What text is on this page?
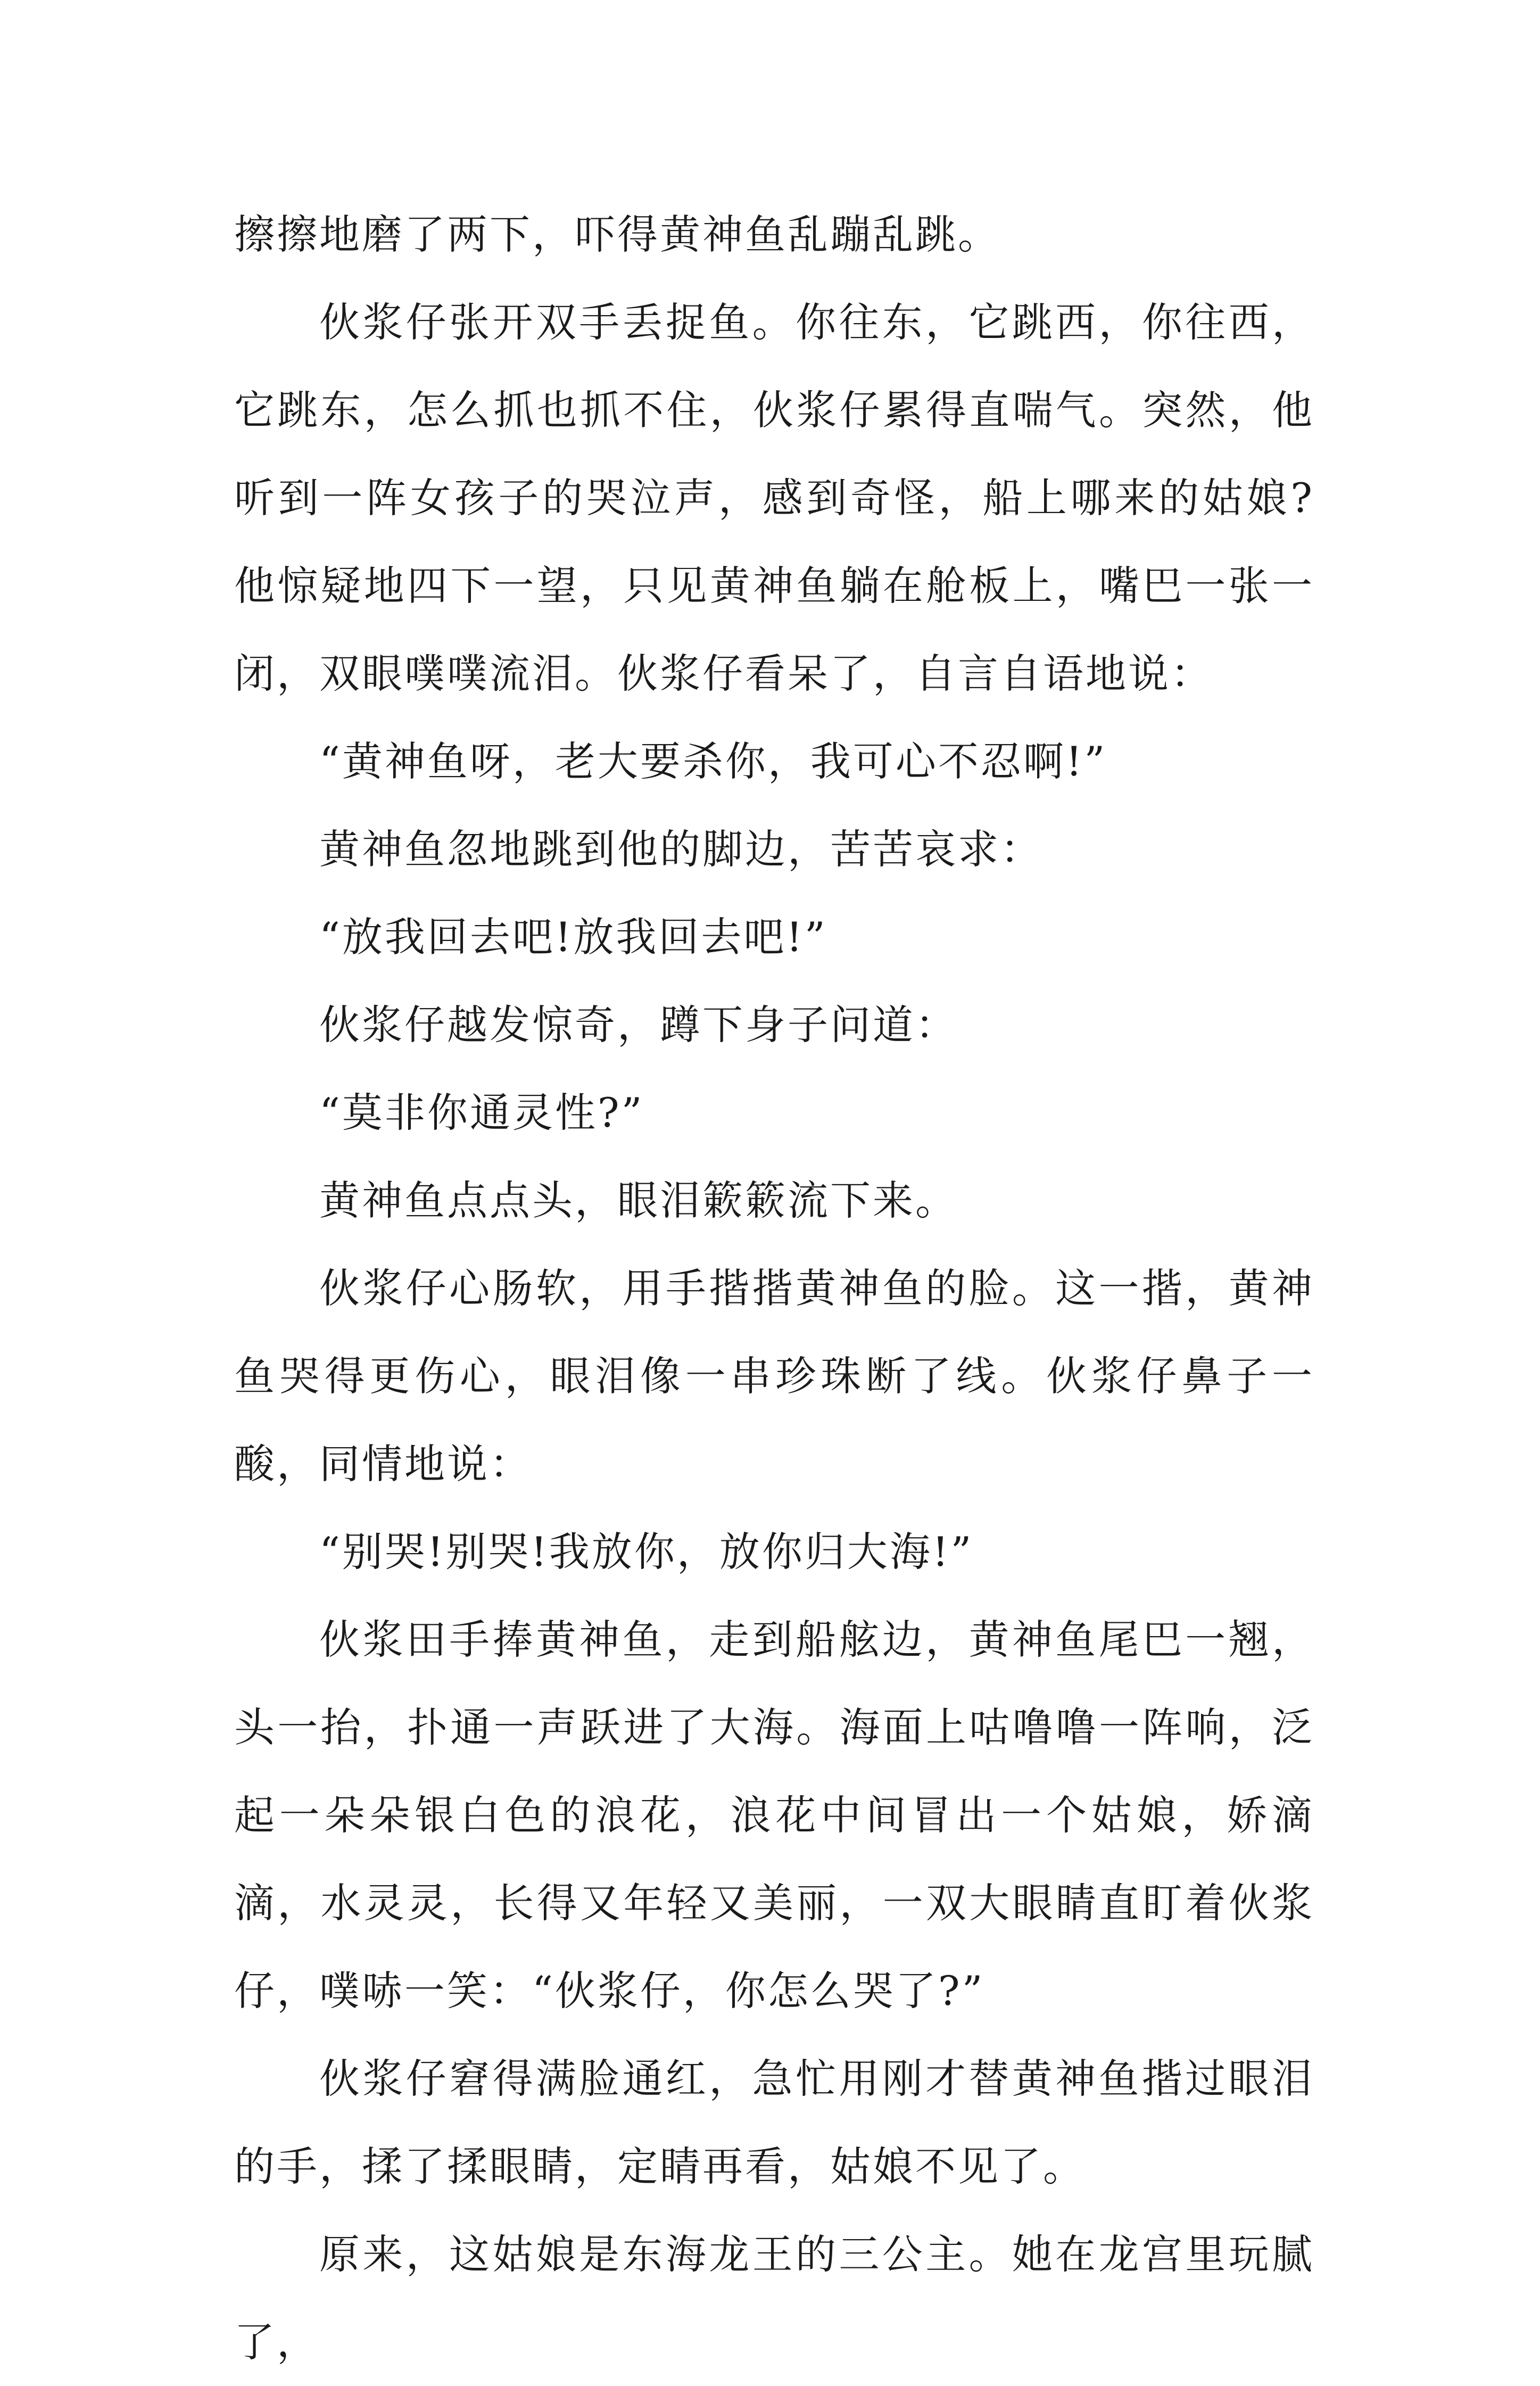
擦擦地磨了两下，吓得黄神鱼乱蹦乱跳。

伙浆仔张开双手丢捉鱼。你往东，它跳西，你往西，它跳东，怎么抓也抓不住，伙浆仔累得直喘气。突然，他听到一阵女孩子的哭泣声，感到奇怪，船上哪来的姑娘?他惊疑地四下一望，只见黄神鱼躺在舱板上，嘴巴一张一闭，双眼噗噗流泪。伙浆仔看呆了，自言自语地说：

“黄神鱼呀，老大要杀你，我可心不忍啊!”

黄神鱼忽地跳到他的脚边，苦苦哀求：

“放我回去吧!放我回去吧!”

伙浆仔越发惊奇，蹲下身子问道：

“莫非你通灵性?”

黄神鱼点点头，眼泪簌簌流下来。

伙浆仔心肠软，用手揩揩黄神鱼的脸。这一揩，黄神鱼哭得更伤心，眼泪像一串珍珠断了线。伙浆仔鼻子一酸，同情地说：

“别哭!别哭!我放你，放你归大海!”

伙浆田手捧黄神鱼，走到船舷边，黄神鱼尾巴一翘，头一抬，扑通一声跃进了大海。海面上咕噜噜一阵响，泛起一朵朵银白色的浪花，浪花中间冒出一个姑娘，娇滴滴，水灵灵，长得又年轻又美丽，一双大眼睛直盯着伙浆仔，噗哧一笑：“伙浆仔，你怎么哭了?”

伙浆仔窘得满脸通红，急忙用刚才替黄神鱼揩过眼泪的手，揉了揉眼睛，定睛再看，姑娘不见了。

原来，这姑娘是东海龙王的三公主。她在龙宫里玩腻了，
